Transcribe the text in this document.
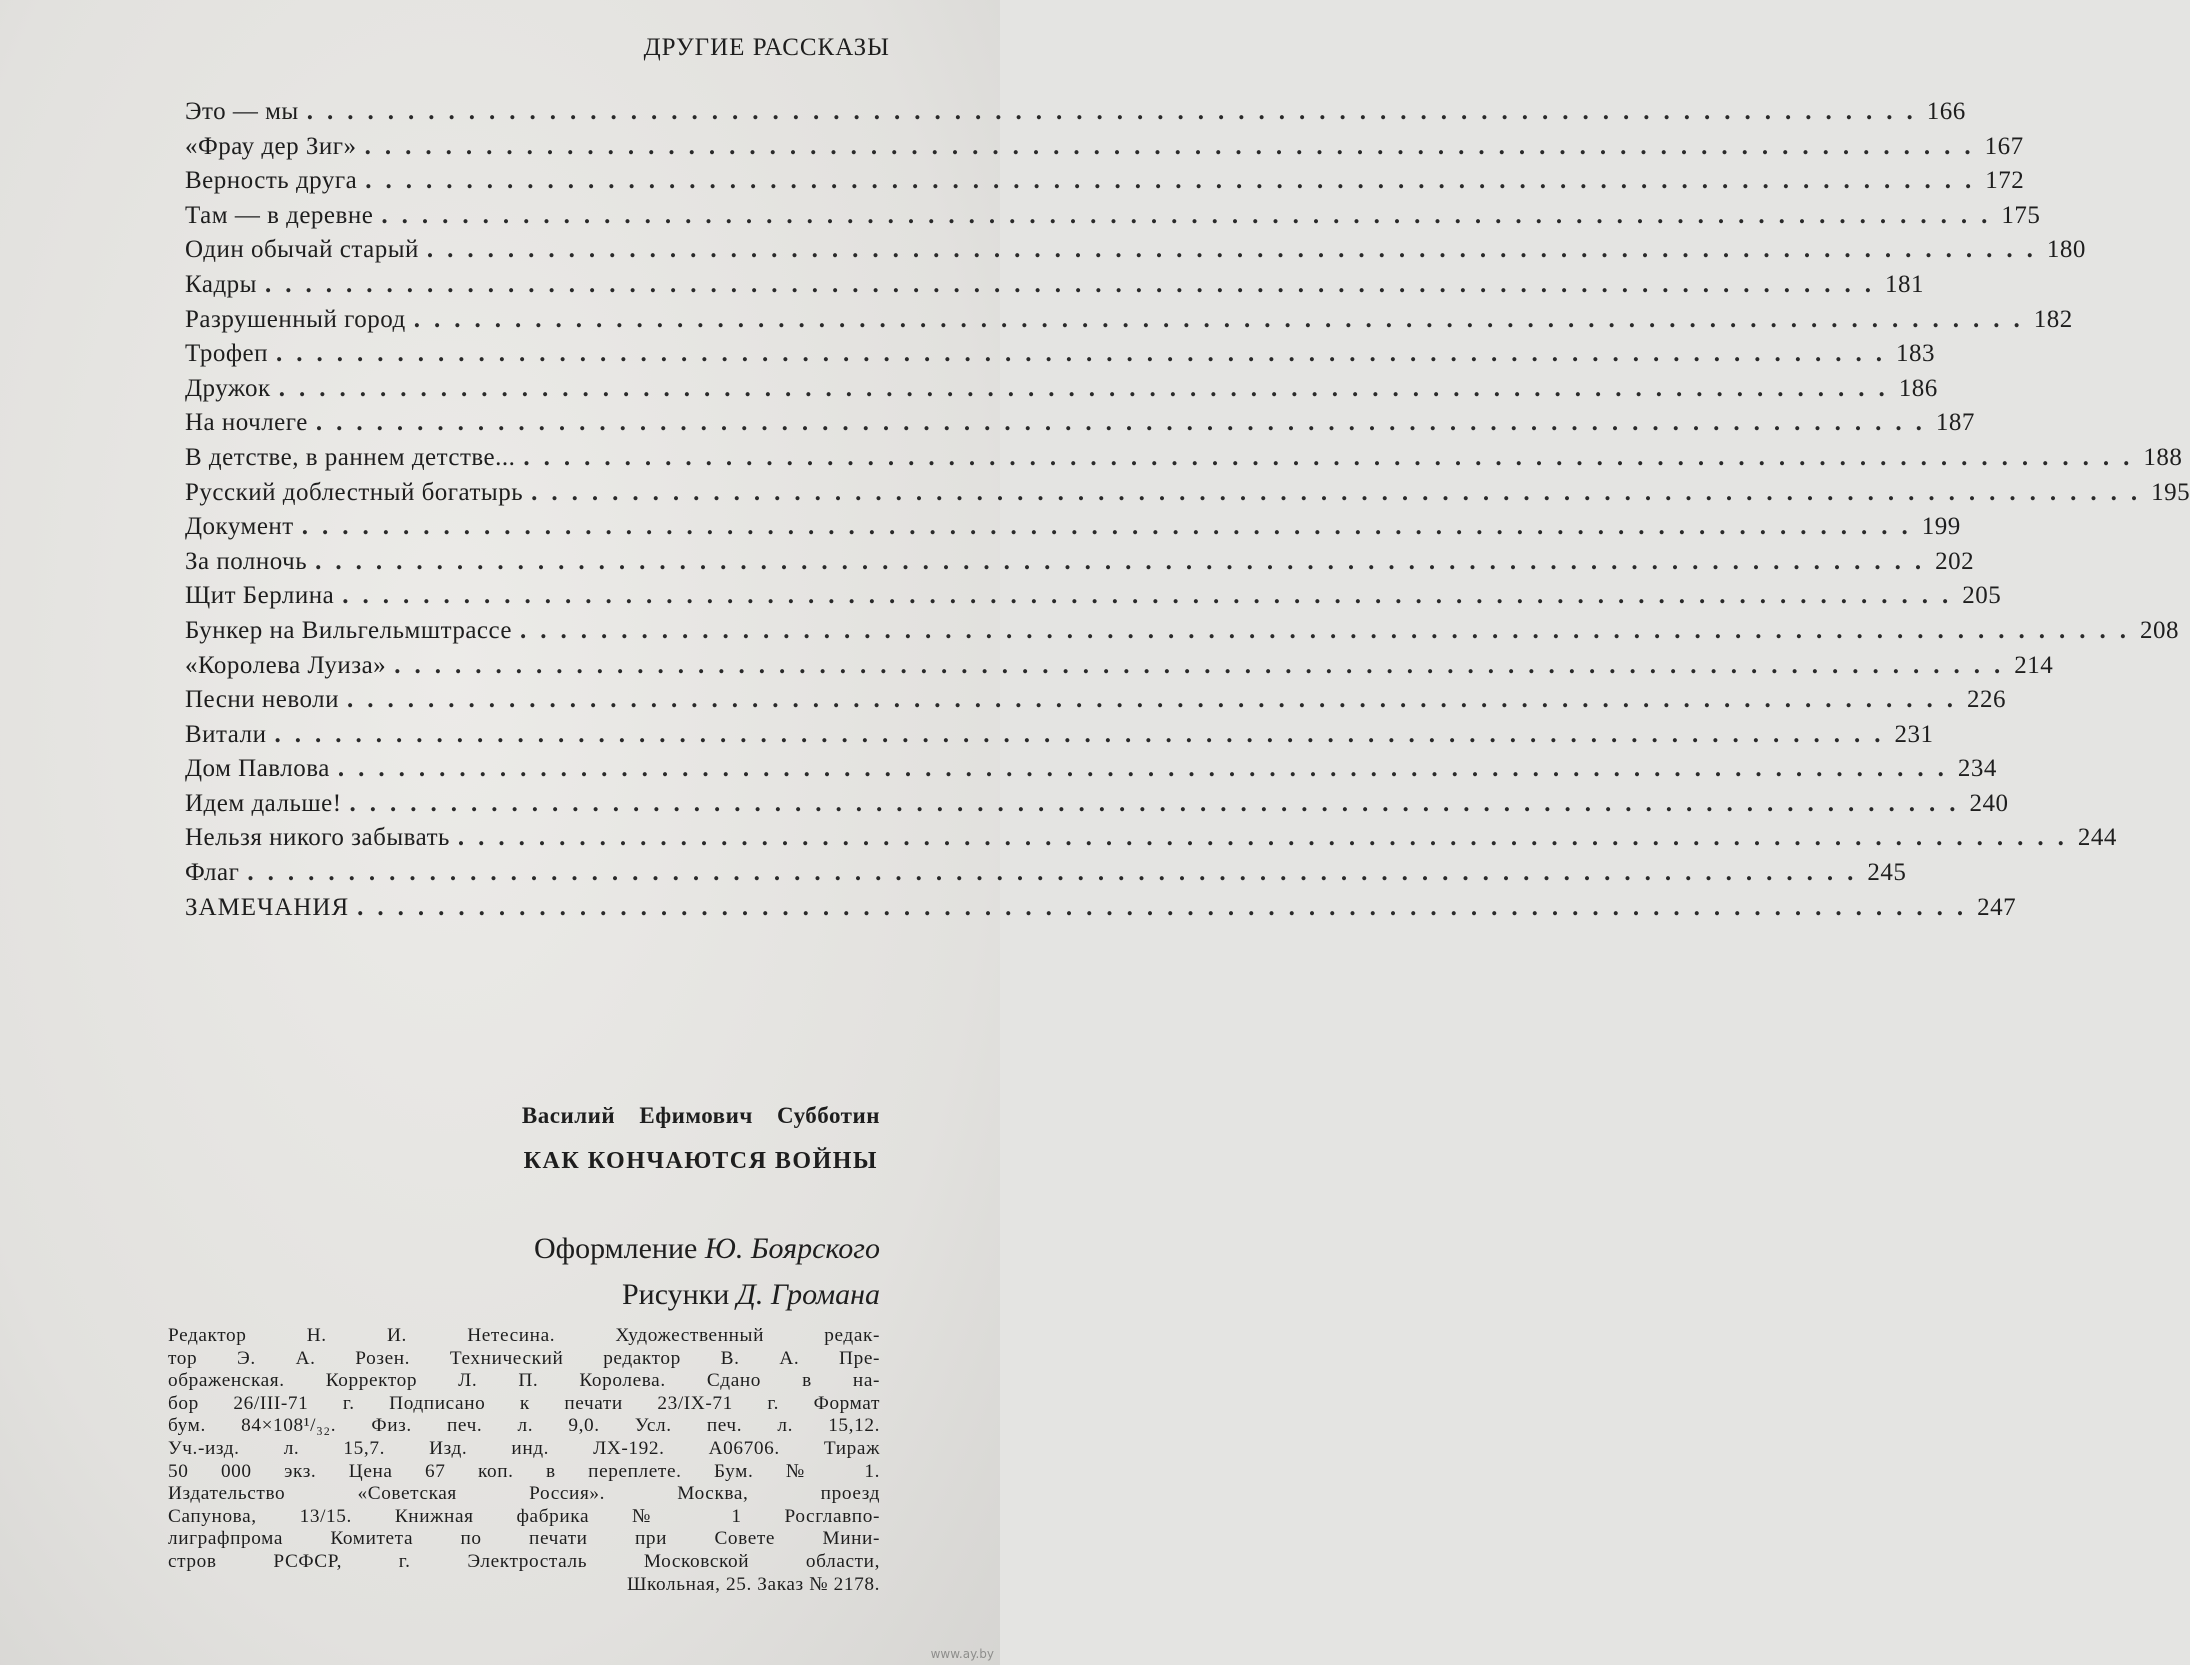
ДРУГИЕ РАССКАЗЫ
Это — мы ................................................................................ 166
«Фрау дер Зиг» ................................................................................ 167
Верность друга ................................................................................ 172
Там — в деревне ................................................................................ 175
Один обычай старый ................................................................................ 180
Кадры ................................................................................ 181
Разрушенный город ................................................................................ 182
Трофеп ................................................................................ 183
Дружок ................................................................................ 186
На ночлеге ................................................................................ 187
В детстве, в раннем детстве... ................................................................................ 188
Русский доблестный богатырь ................................................................................ 195
Документ ................................................................................ 199
За полночь ................................................................................ 202
Щит Берлина ................................................................................ 205
Бункер на Вильгельмштрассе ................................................................................ 208
«Королева Луиза» ................................................................................ 214
Песни неволи ................................................................................ 226
Витали ................................................................................ 231
Дом Павлова ................................................................................ 234
Идем дальше! ................................................................................ 240
Нельзя никого забывать ................................................................................ 244
Флаг ................................................................................ 245
ЗАМЕЧАНИЯ ................................................................................ 247
Василий Ефимович Субботин
КАК КОНЧАЮТСЯ ВОЙНЫ
Оформление Ю. Боярского
Рисунки Д. Громана
Редактор Н. И. Нетесина. Художественный редак-
тор Э. А. Розен. Технический редактор В. А. Пре-
ображенская. Корректор Л. П. Королева. Сдано в на-
бор 26/III-71 г. Подписано к печати 23/IX-71 г. Формат
бум. 84×108¹/₃₂. Физ. печ. л. 9,0. Усл. печ. л. 15,12.
Уч.-изд. л. 15,7. Изд. инд. ЛХ-192. А06706. Тираж
50 000 экз. Цена 67 коп. в переплете. Бум. № 1.
Издательство «Советская Россия». Москва, проезд
Сапунова, 13/15. Книжная фабрика № 1 Росглавпо-
лиграфпрома Комитета по печати при Совете Мини-
стров РСФСР, г. Электросталь Московской области,
Школьная, 25. Заказ № 2178.
www.ay.by
